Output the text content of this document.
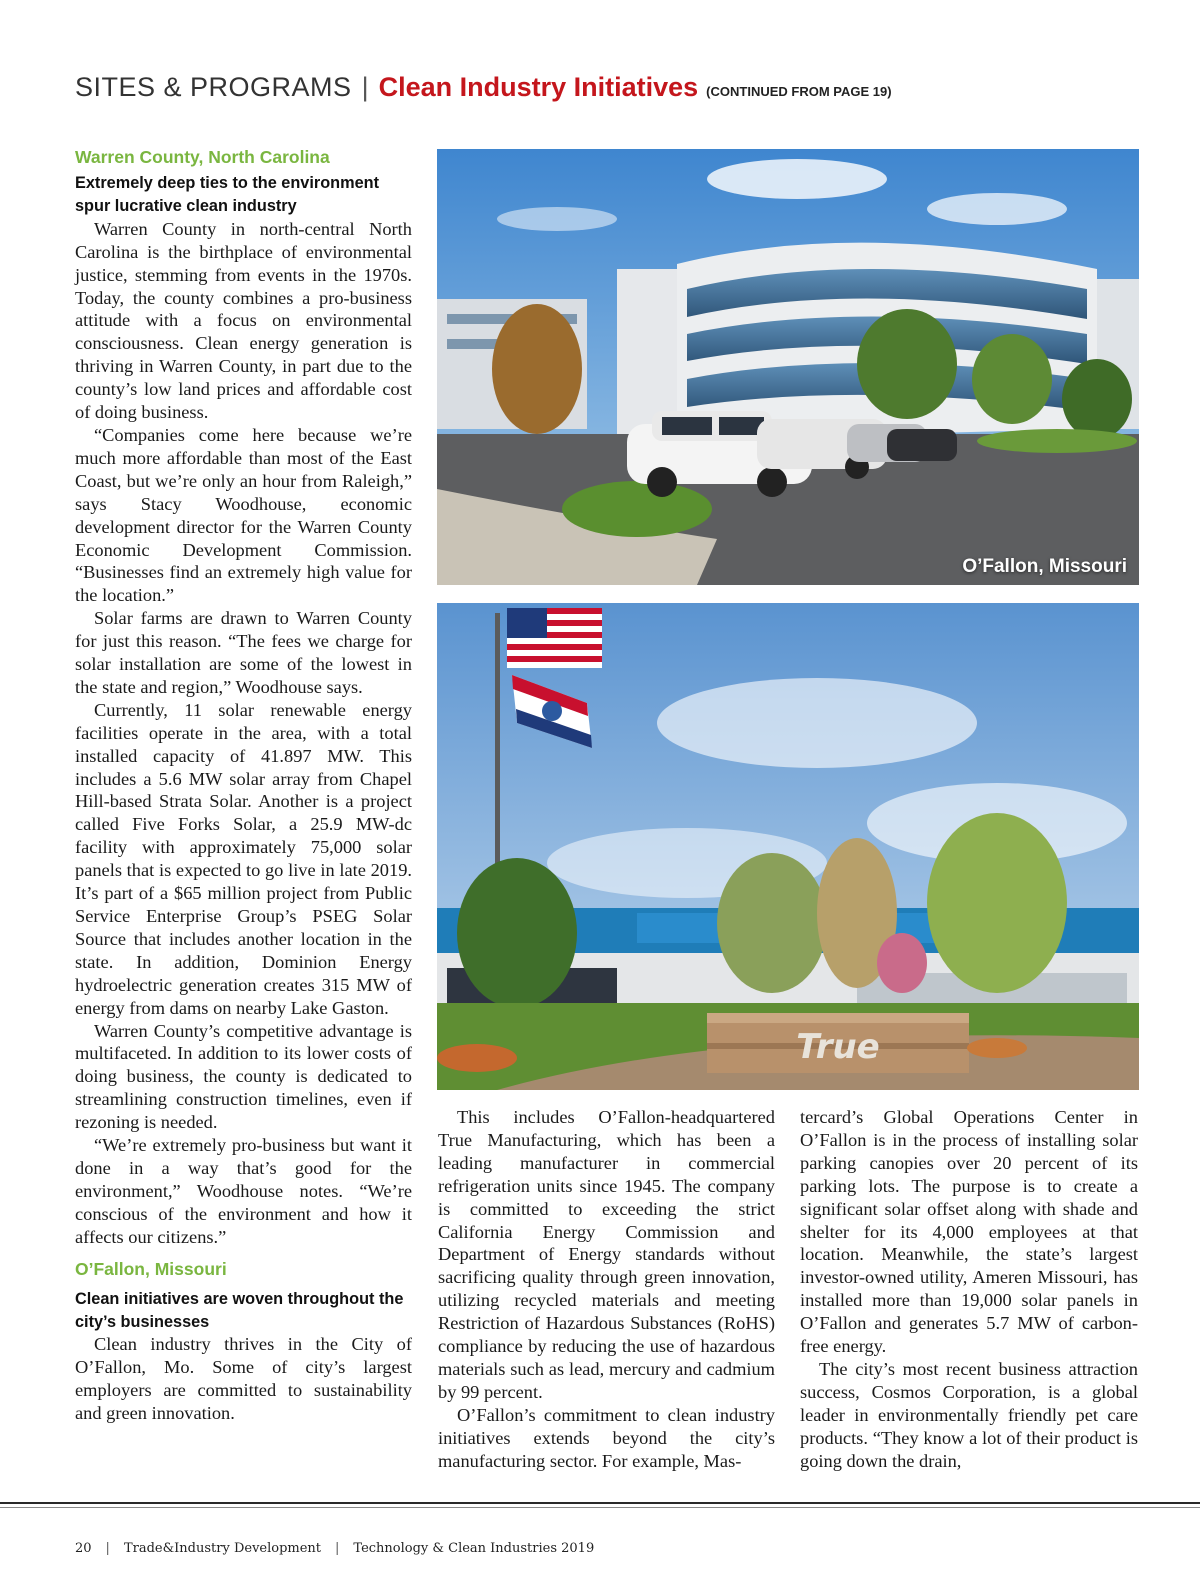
SITES & PROGRAMS | Clean Industry Initiatives (CONTINUED FROM PAGE 19)
Warren County, North Carolina
Extremely deep ties to the environment spur lucrative clean industry

Warren County in north-central North Carolina is the birthplace of environmental justice, stemming from events in the 1970s. Today, the county combines a pro-business attitude with a focus on environmental consciousness. Clean energy generation is thriving in Warren County, in part due to the county’s low land prices and affordable cost of doing business.

“Companies come here because we’re much more affordable than most of the East Coast, but we’re only an hour from Raleigh,” says Stacy Woodhouse, economic development director for the Warren County Economic Development Commission. “Businesses find an extremely high value for the location.”

Solar farms are drawn to Warren County for just this reason. “The fees we charge for solar installation are some of the lowest in the state and region,” Woodhouse says.

Currently, 11 solar renewable energy facilities operate in the area, with a total installed capacity of 41.897 MW. This includes a 5.6 MW solar array from Chapel Hill-based Strata Solar. Another is a project called Five Forks Solar, a 25.9 MW-dc facility with approximately 75,000 solar panels that is expected to go live in late 2019. It’s part of a $65 million project from Public Service Enterprise Group’s PSEG Solar Source that includes another location in the state. In addition, Dominion Energy hydroelectric generation creates 315 MW of energy from dams on nearby Lake Gaston.

Warren County’s competitive advantage is multifaceted. In addition to its lower costs of doing business, the county is dedicated to streamlining construction timelines, even if rezoning is needed.

“We’re extremely pro-business but want it done in a way that’s good for the environment,” Woodhouse notes. “We’re conscious of the environment and how it affects our citizens.”

O’Fallon, Missouri
Clean initiatives are woven throughout the city’s businesses

Clean industry thrives in the City of O’Fallon, Mo. Some of city’s largest employers are committed to sustainability and green innovation.

O’Fallon, Missouri
True

This includes O’Fallon-headquartered True Manufacturing, which has been a leading manufacturer in commercial refrigeration units since 1945. The company is committed to exceeding the strict California Energy Commission and Department of Energy standards without sacrificing quality through green innovation, utilizing recycled materials and meeting Restriction of Hazardous Substances (RoHS) compliance by reducing the use of hazardous materials such as lead, mercury and cadmium by 99 percent.

O’Fallon’s commitment to clean industry initiatives extends beyond the city’s manufacturing sector. For example, Mas-

tercard’s Global Operations Center in O’Fallon is in the process of installing solar parking canopies over 20 percent of its parking lots. The purpose is to create a significant solar offset along with shade and shelter for its 4,000 employees at that location. Meanwhile, the state’s largest investor-owned utility, Ameren Missouri, has installed more than 19,000 solar panels in O’Fallon and generates 5.7 MW of carbon-free energy.

The city’s most recent business attraction success, Cosmos Corporation, is a global leader in environmentally friendly pet care products. “They know a lot of their product is going down the drain,

20 | Trade&Industry Development | Technology & Clean Industries 2019
